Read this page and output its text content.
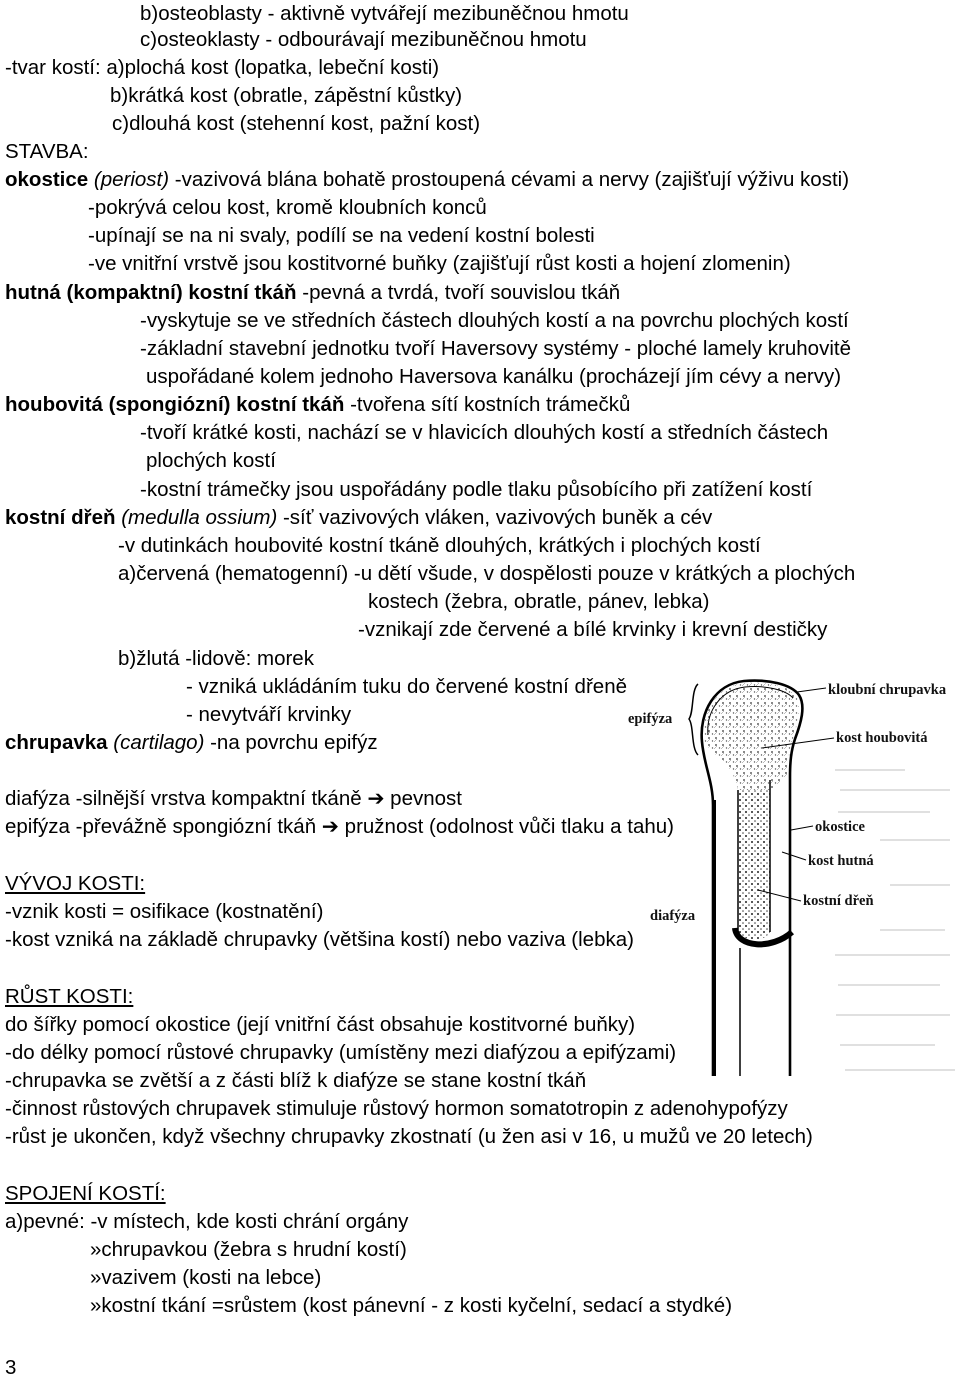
kloubní chrupavka
epifýza
kost houbovitá
okostice
kost hutná
kostní dřeň
diafýza
b)osteoblasty - aktivně vytvářejí mezibuněčnou hmotu
c)osteoklasty - odbourávají mezibuněčnou hmotu
-tvar kostí: a)plochá kost (lopatka, lebeční kosti)
b)krátká kost (obratle, zápěstní kůstky)
c)dlouhá kost (stehenní kost, pažní kost)
STAVBA:
okostice (periost) -vazivová blána bohatě prostoupená cévami a nervy (zajišťují výživu kosti)
-pokrývá celou kost, kromě kloubních konců
-upínají se na ni svaly, podílí se na vedení kostní bolesti
-ve vnitřní vrstvě jsou kostitvorné buňky (zajišťují růst kosti a hojení zlomenin)
hutná (kompaktní) kostní tkáň -pevná a tvrdá, tvoří souvislou tkáň
-vyskytuje se ve středních částech dlouhých kostí a na povrchu plochých kostí
-základní stavební jednotku tvoří Haversovy systémy - ploché lamely kruhovitě
uspořádané kolem jednoho Haversova kanálku (procházejí jím cévy a nervy)
houbovitá (spongiózní) kostní tkáň -tvořena sítí kostních trámečků
-tvoří krátké kosti, nachází se v hlavicích dlouhých kostí a středních částech
plochých kostí
-kostní trámečky jsou uspořádány podle tlaku působícího při zatížení kostí
kostní dřeň (medulla ossium) -síť vazivových vláken, vazivových buněk a cév
-v dutinkách houbovité kostní tkáně dlouhých, krátkých i plochých kostí
a)červená (hematogenní) -u dětí všude, v dospělosti pouze v krátkých a plochých
kostech (žebra, obratle, pánev, lebka)
-vznikají zde červené a bílé krvinky i krevní destičky
b)žlutá -lidově: morek
- vzniká ukládáním tuku do červené kostní dřeně
- nevytváří krvinky
chrupavka (cartilago) -na povrchu epifýz
diafýza -silnější vrstva kompaktní tkáně ➔ pevnost
epifýza -převážně spongiózní tkáň ➔ pružnost (odolnost vůči tlaku a tahu)
VÝVOJ KOSTI:
-vznik kosti = osifikace (kostnatění)
-kost vzniká na základě chrupavky (většina kostí) nebo vaziva (lebka)
RŮST KOSTI:
do šířky pomocí okostice (její vnitřní část obsahuje kostitvorné buňky)
-do délky pomocí růstové chrupavky (umístěny mezi diafýzou a epifýzami)
-chrupavka se zvětší a z části blíž k diafýze se stane kostní tkáň
-činnost růstových chrupavek stimuluje růstový hormon somatotropin z adenohypofýzy
-růst je ukončen, když všechny chrupavky zkostnatí (u žen asi v 16, u mužů ve 20 letech)
SPOJENÍ KOSTÍ:
a)pevné: -v místech, kde kosti chrání orgány
»chrupavkou (žebra s hrudní kostí)
»vazivem (kosti na lebce)
»kostní tkání =srůstem (kost pánevní - z kosti kyčelní, sedací a stydké)
3
